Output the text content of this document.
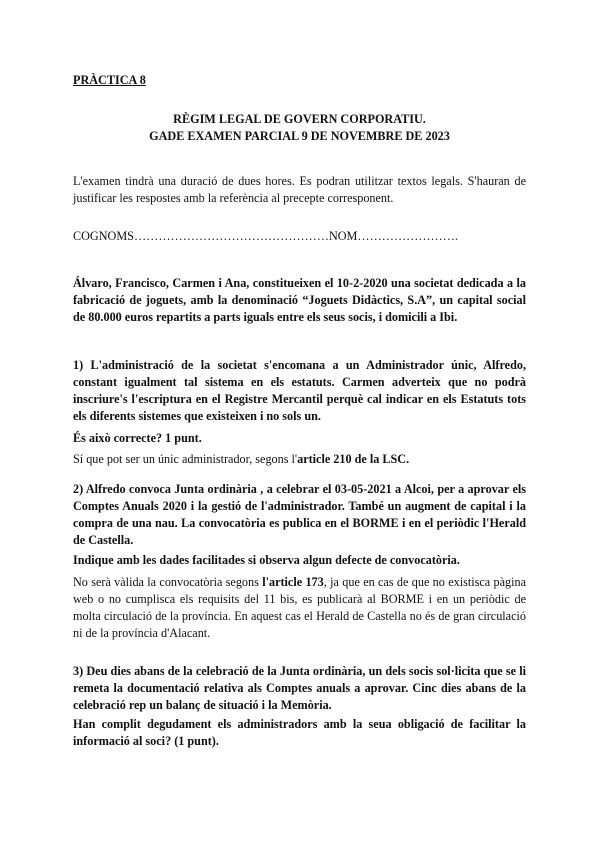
PRÀCTICA 8
RÈGIM LEGAL DE GOVERN CORPORATIU.
GADE EXAMEN PARCIAL 9 DE NOVEMBRE DE 2023
L'examen tindrà una duració de dues hores. Es podran utilitzar textos legals. S'hauran de justificar les respostes amb la referència al precepte corresponent.
COGNOMS…………………………………………NOM…………………….
Álvaro, Francisco, Carmen i Ana, constitueixen el 10-2-2020 una societat dedicada a la fabricació de joguets, amb la denominació “Joguets Didàctics, S.A”, un capital social de 80.000 euros repartits a parts iguals entre els seus socis, i domicili a Ibi.
1) L'administració de la societat s'encomana a un Administrador únic, Alfredo, constant igualment tal sistema en els estatuts. Carmen adverteix que no podrà inscriure's l'escriptura en el Registre Mercantil perquè cal indicar en els Estatuts tots els diferents sistemes que existeixen i no sols un.
És això correcte? 1 punt.
Sí que pot ser un únic administrador, segons l'article 210 de la LSC.
2) Alfredo convoca Junta ordinària , a celebrar el 03-05-2021 a Alcoi, per a aprovar els Comptes Anuals 2020 i la gestió de l'administrador. També un augment de capital i la compra de una nau. La convocatòria es publica en el BORME i en el periòdic l'Herald de Castella.
Indique amb les dades facilitades si observa algun defecte de convocatòria.
No serà vàlida la convocatòria segons l'article 173, ja que en cas de que no existisca pàgina web o no cumplisca els requisits del 11 bis, es publicarà al BORME i en un periòdic de molta circulació de la província. En aquest cas el Herald de Castella no és de gran circulació ni de la província d'Alacant.
3) Deu dies abans de la celebració de la Junta ordinària, un dels socis sol·licita que se li remeta la documentació relativa als Comptes anuals a aprovar. Cinc dies abans de la celebració rep un balanç de situació i la Memòria.
Han complit degudament els administradors amb la seua obligació de facilitar la informació al soci? (1 punt).
